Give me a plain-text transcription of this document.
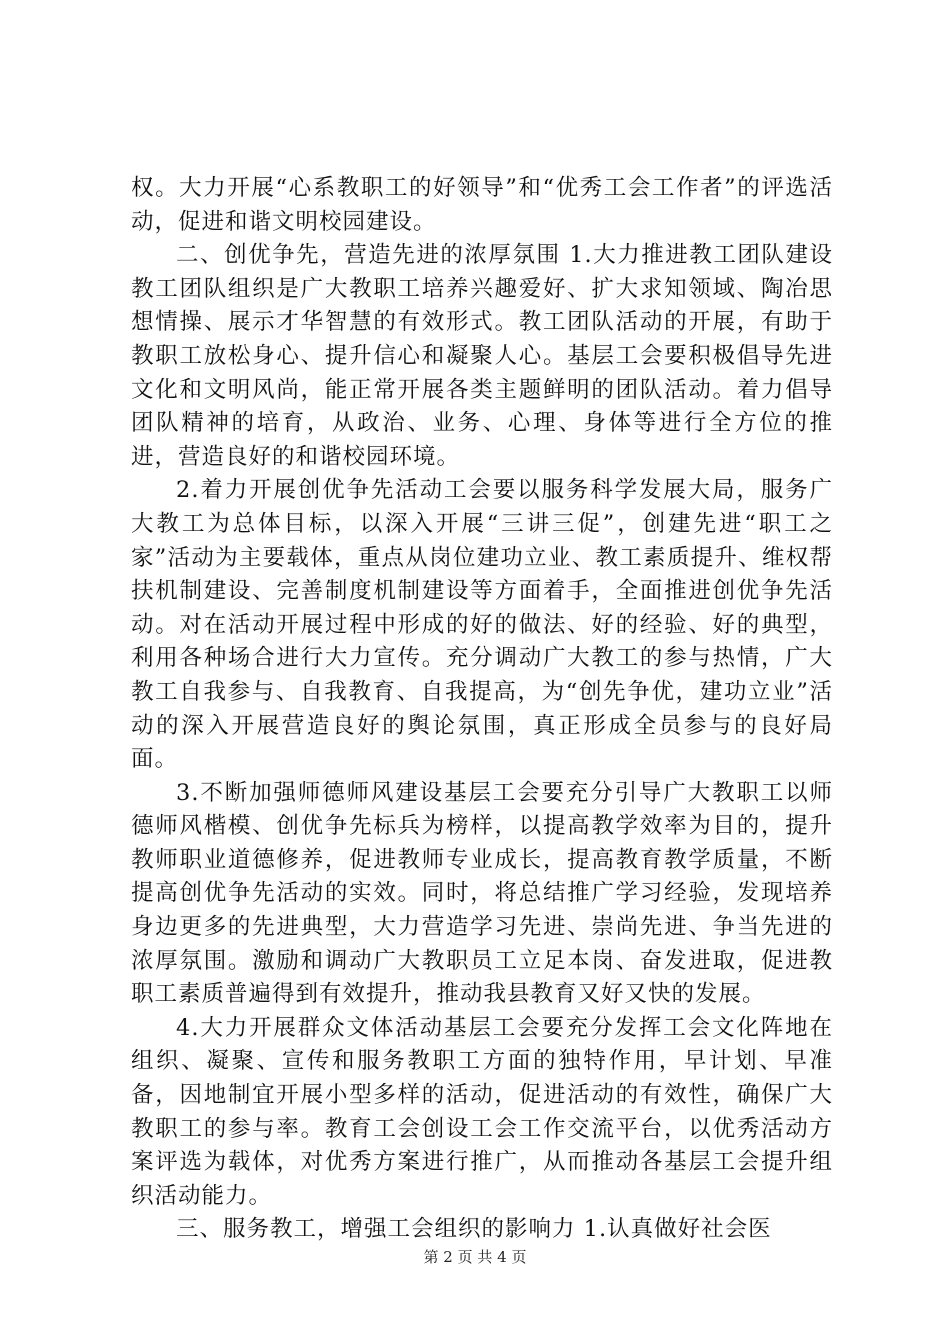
权。大力开展“心系教职工的好领导”和“优秀工会工作者”的评选活动，促进和谐文明校园建设。

二、创优争先，营造先进的浓厚氛围 1.大力推进教工团队建设教工团队组织是广大教职工培养兴趣爱好、扩大求知领域、陶冶思想情操、展示才华智慧的有效形式。教工团队活动的开展，有助于教职工放松身心、提升信心和凝聚人心。基层工会要积极倡导先进文化和文明风尚，能正常开展各类主题鲜明的团队活动。着力倡导团队精神的培育，从政治、业务、心理、身体等进行全方位的推进，营造良好的和谐校园环境。

2.着力开展创优争先活动工会要以服务科学发展大局，服务广大教工为总体目标，以深入开展“三讲三促”，创建先进“职工之家”活动为主要载体，重点从岗位建功立业、教工素质提升、维权帮扶机制建设、完善制度机制建设等方面着手，全面推进创优争先活动。对在活动开展过程中形成的好的做法、好的经验、好的典型，利用各种场合进行大力宣传。充分调动广大教工的参与热情，广大教工自我参与、自我教育、自我提高，为“创先争优，建功立业”活动的深入开展营造良好的舆论氛围，真正形成全员参与的良好局面。

3.不断加强师德师风建设基层工会要充分引导广大教职工以师德师风楷模、创优争先标兵为榜样，以提高教学效率为目的，提升教师职业道德修养，促进教师专业成长，提高教育教学质量，不断提高创优争先活动的实效。同时，将总结推广学习经验，发现培养身边更多的先进典型，大力营造学习先进、崇尚先进、争当先进的浓厚氛围。激励和调动广大教职员工立足本岗、奋发进取，促进教职工素质普遍得到有效提升，推动我县教育又好又快的发展。

4.大力开展群众文体活动基层工会要充分发挥工会文化阵地在组织、凝聚、宣传和服务教职工方面的独特作用，早计划、早准备，因地制宜开展小型多样的活动，促进活动的有效性，确保广大教职工的参与率。教育工会创设工会工作交流平台，以优秀活动方案评选为载体，对优秀方案进行推广，从而推动各基层工会提升组织活动能力。

三、服务教工，增强工会组织的影响力 1.认真做好社会医

第 2 页 共 4 页
